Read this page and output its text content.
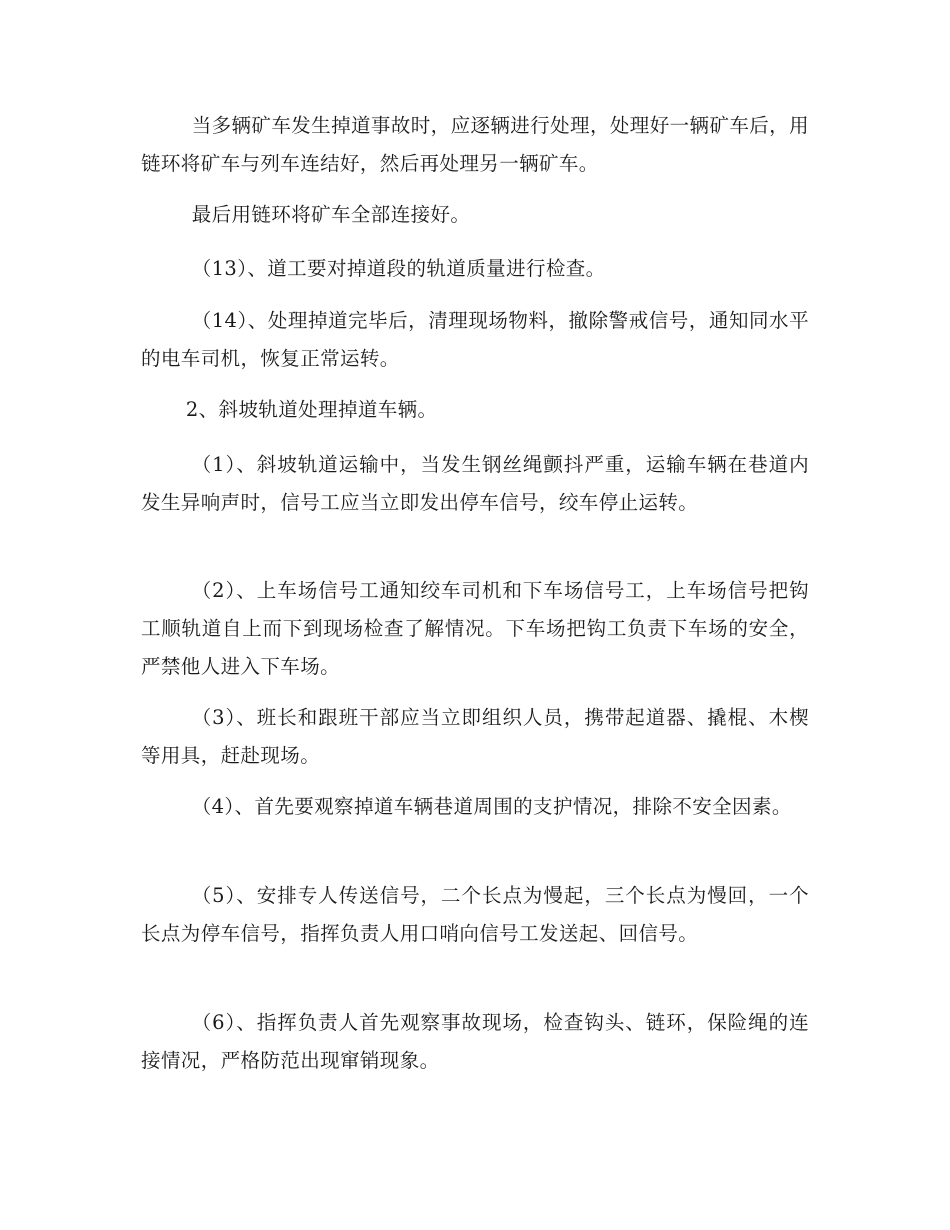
当多辆矿车发生掉道事故时，应逐辆进行处理，处理好一辆矿车后，用链环将矿车与列车连结好，然后再处理另一辆矿车。

最后用链环将矿车全部连接好。

（13）、道工要对掉道段的轨道质量进行检查。

（14）、处理掉道完毕后，清理现场物料，撤除警戒信号，通知同水平的电车司机，恢复正常运转。

2、斜坡轨道处理掉道车辆。

（1）、斜坡轨道运输中，当发生钢丝绳颤抖严重，运输车辆在巷道内发生异响声时，信号工应当立即发出停车信号，绞车停止运转。

（2）、上车场信号工通知绞车司机和下车场信号工，上车场信号把钩工顺轨道自上而下到现场检查了解情况。下车场把钩工负责下车场的安全，严禁他人进入下车场。

（3）、班长和跟班干部应当立即组织人员，携带起道器、撬棍、木楔等用具，赶赴现场。

（4）、首先要观察掉道车辆巷道周围的支护情况，排除不安全因素。

（5）、安排专人传送信号，二个长点为慢起，三个长点为慢回，一个长点为停车信号，指挥负责人用口哨向信号工发送起、回信号。

（6）、指挥负责人首先观察事故现场，检查钩头、链环，保险绳的连接情况，严格防范出现窜销现象。
